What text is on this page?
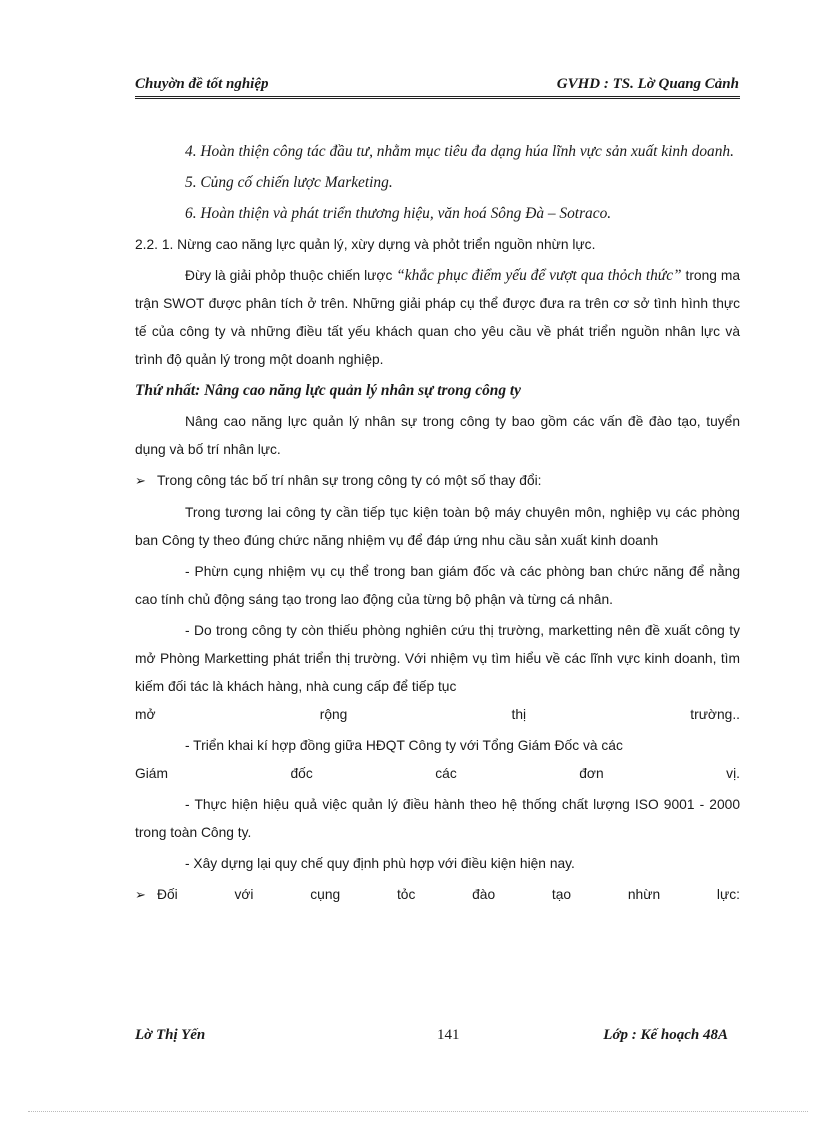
Chuyờn đề tốt nghiệp	GVHD : TS. Lờ Quang Cảnh

4. Hoàn thiện công tác đầu tư, nhằm mục tiêu đa dạng húa lĩnh vực sản xuất kinh doanh.

5. Củng cố chiến lược Marketing.

6. Hoàn thiện và phát triển thương hiệu, văn hoá Sông Đà – Sotraco.

2.2. 1. Nừng cao năng lực quản lý, xừy dựng và phỏt triển nguồn nhừn lực.

Đừy là giải phỏp thuộc chiến lược “khắc phục điểm yếu để vượt qua thỏch thức” trong ma trận SWOT được phân tích ở trên. Những giải pháp cụ thể được đưa ra trên cơ sở tình hình thực tế của công ty và những điều tất yếu khách quan cho yêu cầu về phát triển nguồn nhân lực và trình độ quản lý trong một doanh nghiệp.

Thứ nhất: Nâng cao năng lực quản lý nhân sự trong công ty

Nâng cao năng lực quản lý nhân sự trong công ty bao gồm các vấn đề đào tạo, tuyển dụng và bố trí nhân lực.

➢ Trong công tác bố trí nhân sự trong công ty có một số thay đổi:

Trong tương lai công ty cần tiếp tục kiện toàn bộ máy chuyên môn, nghiệp vụ các phòng ban Công ty theo đúng chức năng nhiệm vụ để đáp ứng nhu cầu sản xuất kinh doanh

- Phừn cụng nhiệm vụ cụ thể trong ban giám đốc và các phòng ban chức năng để nằng cao tính chủ động sáng tạo trong lao động của từng bộ phận và từng cá nhân.

- Do trong công ty còn thiếu phòng nghiên cứu thị trường, marketting nên đề xuất công ty mở Phòng Marketting phát triển thị trường. Với nhiệm vụ tìm hiểu về các lĩnh vực kinh doanh, tìm kiếm đối tác là khách hàng, nhà cung cấp để tiếp tục

mở	rộng	thị	trường..

- Triển khai kí hợp đồng giữa HĐQT Công ty với Tổng Giám Đốc và các

Giám	đốc	các	đơn	vị.

- Thực hiện hiệu quả việc quản lý điều hành theo hệ thống chất lượng ISO 9001 - 2000 trong toàn Công ty.

- Xây dựng lại quy chế quy định phù hợp với điều kiện hiện nay.

➢ Đối	với	cụng	tỏc	đào	tạo	nhừn	lực:
Lờ Thị Yến	141	Lớp : Kế hoạch 48A
